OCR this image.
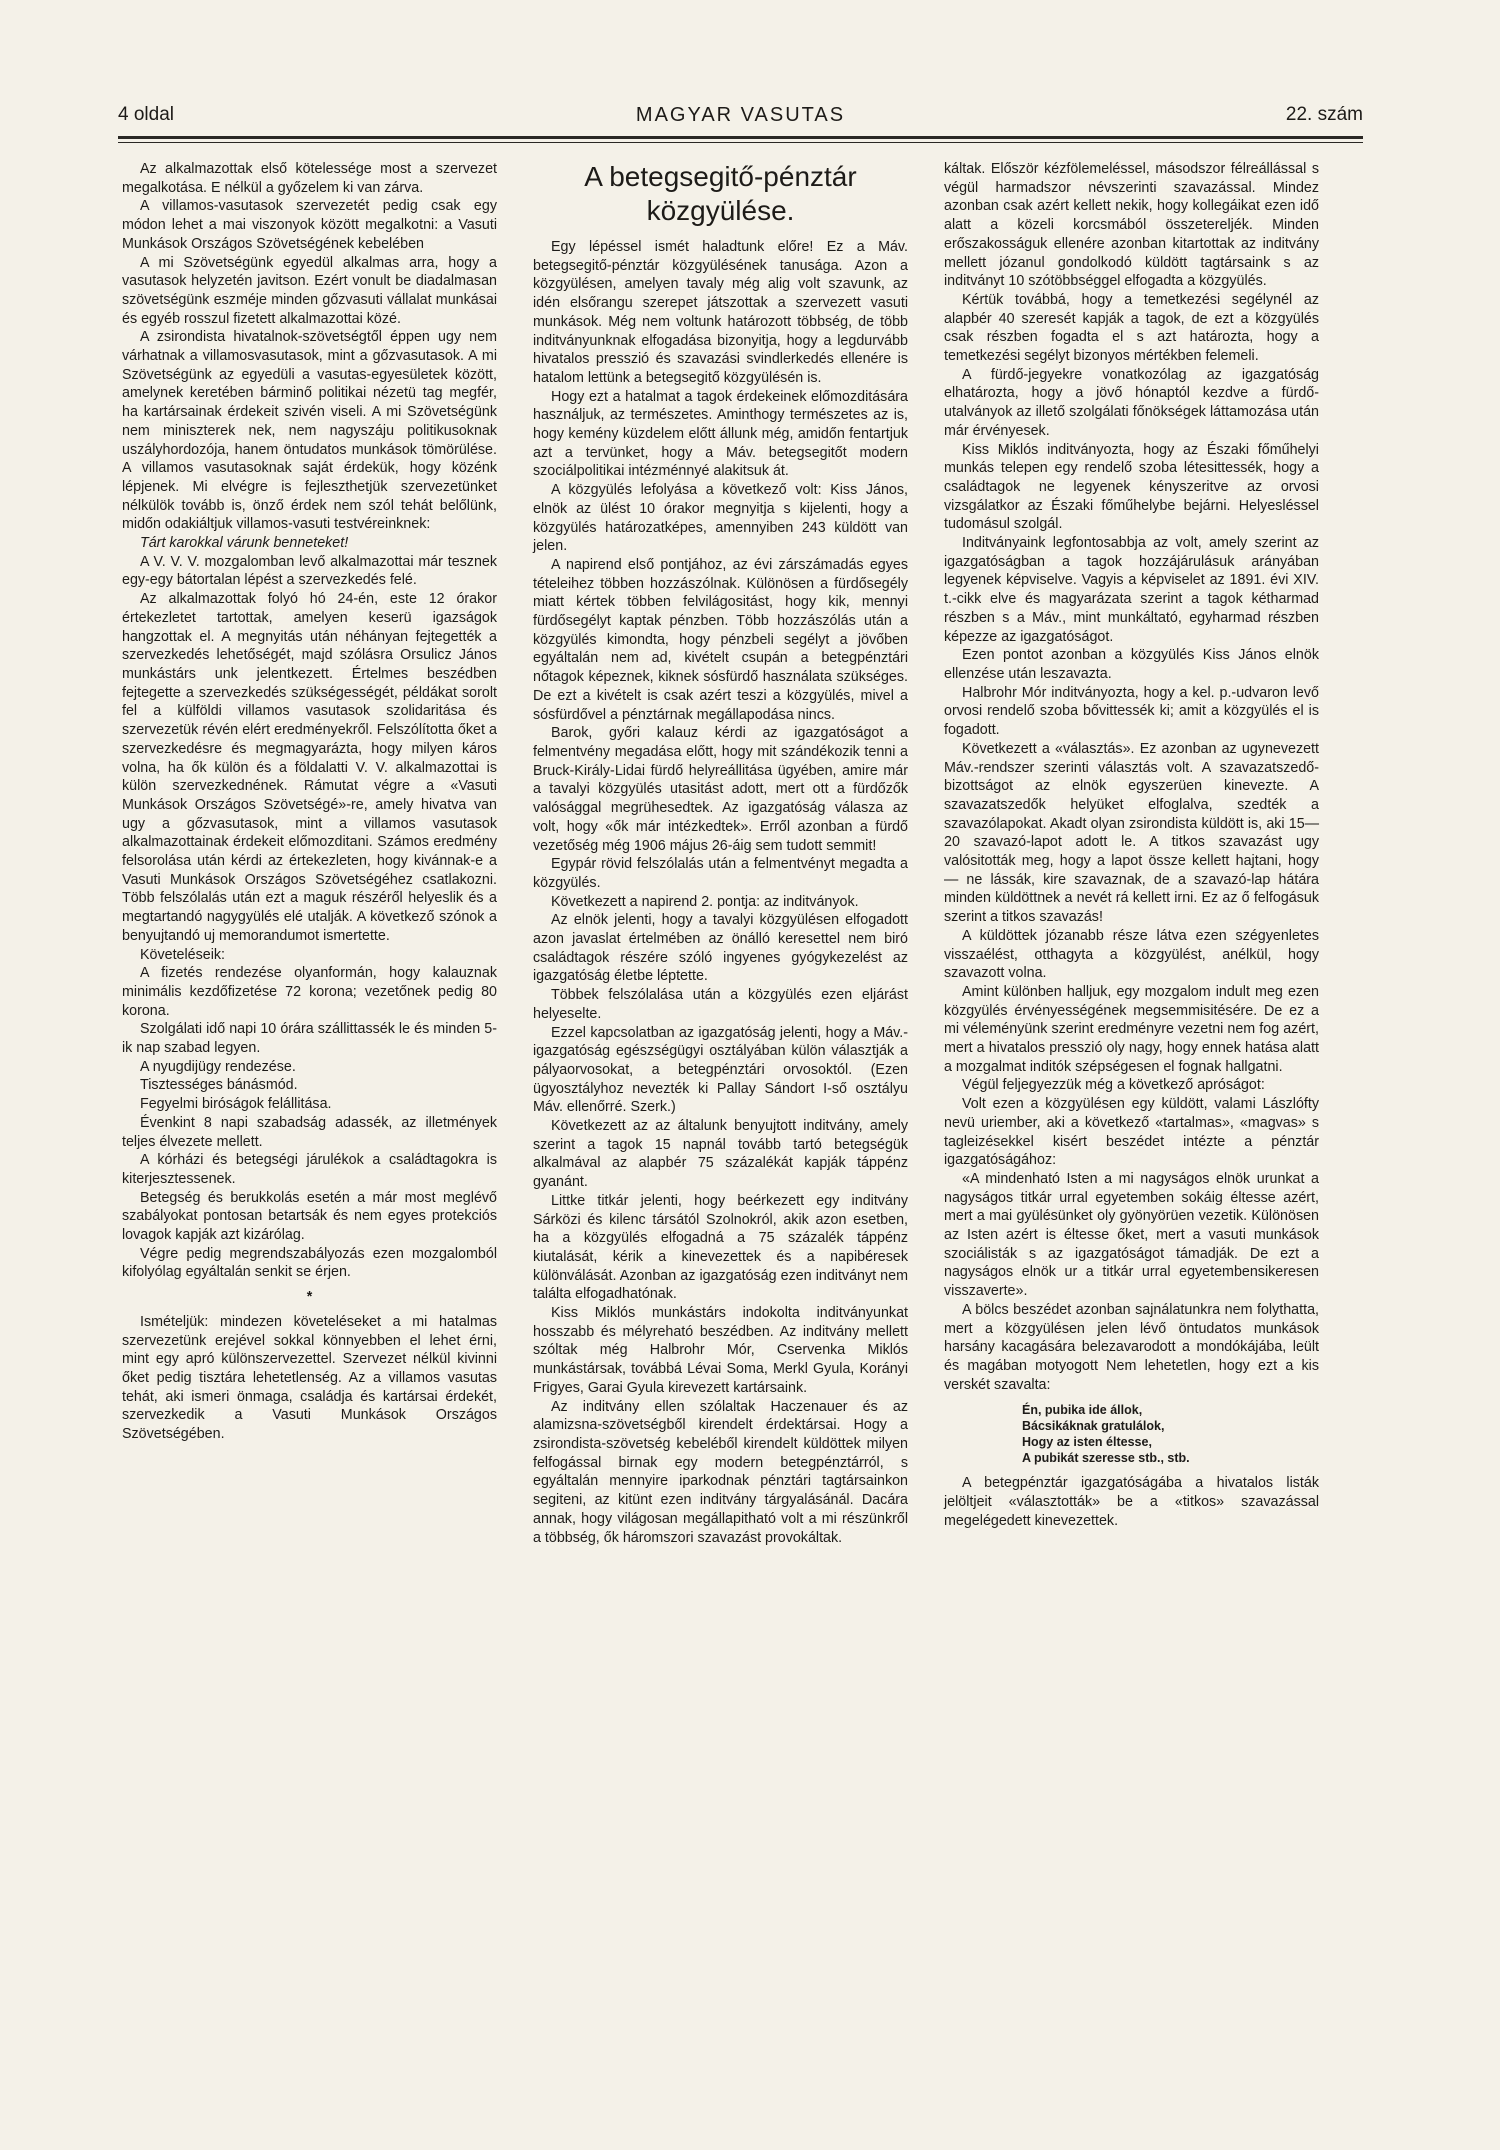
4 oldal	MAGYAR VASUTAS	22. szám

Az alkalmazottak első kötelessége most a szervezet megalkotása. E nélkül a győzelem ki van zárva.

A villamos-vasutasok szervezetét pedig csak egy módon lehet a mai viszonyok között megalkotni: a Vasuti Munkások Országos Szövetségének kebelében

A mi Szövetségünk egyedül alkalmas arra, hogy a vasutasok helyzetén javitson. Ezért vonult be diadalmasan szövetségünk eszméje minden gőzvasuti vállalat munkásai és egyéb rosszul fizetett alkalmazottai közé.

A zsirondista hivatalnok-szövetségtől éppen ugy nem várhatnak a villamosvasutasok, mint a gőzvasutasok. A mi Szövetségünk az egyedüli a vasutas-egyesületek között, amelynek keretében bárminő politikai nézetü tag megfér, ha kartársainak érdekeit szivén viseli. A mi Szövetségünk nem miniszterek nek, nem nagyszáju politikusoknak uszályhordozója, hanem öntudatos munkások tömörülése. A villamos vasutasoknak saját érdekük, hogy közénk lépjenek. Mi elvégre is fejleszthetjük szervezetünket nélkülök tovább is, önző érdek nem szól tehát belőlünk, midőn odakiáltjuk villamos-vasuti testvéreinknek:

Tárt karokkal várunk benneteket!

A V. V. V. mozgalomban levő alkalmazottai már tesznek egy-egy bátortalan lépést a szervezkedés felé.

Az alkalmazottak folyó hó 24-én, este 12 órakor értekezletet tartottak, amelyen keserü igazságok hangzottak el. A megnyitás után néhányan fejtegették a szervezkedés lehetőségét, majd szólásra Orsulicz János munkástárs unk jelentkezett. Értelmes beszédben fejtegette a szervezkedés szükségességét, példákat sorolt fel a külföldi villamos vasutasok szolidaritása és szervezetük révén elért eredményekről. Felszólította őket a szervezkedésre és megmagyarázta, hogy milyen káros volna, ha ők külön és a földalatti V. V. alkalmazottai is külön szervezkednének. Rámutat végre a «Vasuti Munkások Országos Szövetségé»-re, amely hivatva van ugy a gőzvasutasok, mint a villamos vasutasok alkalmazottainak érdekeit előmozditani. Számos eredmény felsorolása után kérdi az értekezleten, hogy kivánnak-e a Vasuti Munkások Országos Szövetségéhez csatlakozni. Több felszólalás után ezt a maguk részéről helyeslik és a megtartandó nagygyülés elé utalják. A következő szónok a benyujtandó uj memorandumot ismertette.

Követeléseik:

A fizetés rendezése olyanformán, hogy kalauznak minimális kezdőfizetése 72 korona; vezetőnek pedig 80 korona.

Szolgálati idő napi 10 órára szállittassék le és minden 5-ik nap szabad legyen.

A nyugdijügy rendezése.

Tisztességes bánásmód.

Fegyelmi biróságok felállitása.

Évenkint 8 napi szabadság adassék, az illetmények teljes élvezete mellett.

A kórházi és betegségi járulékok a családtagokra is kiterjesztessenek.

Betegség és berukkolás esetén a már most meglévő szabályokat pontosan betartsák és nem egyes protekciós lovagok kapják azt kizárólag.

Végre pedig megrendszabályozás ezen mozgalomból kifolyólag egyáltalán senkit se érjen.

*

Ismételjük: mindezen követeléseket a mi hatalmas szervezetünk erejével sokkal könnyebben el lehet érni, mint egy apró különszervezettel. Szervezet nélkül kivinni őket pedig tisztára lehetetlenség. Az a villamos vasutas tehát, aki ismeri önmaga, családja és kartársai érdekét, szervezkedik a Vasuti Munkások Országos Szövetségében.

A betegsegitő-pénztár közgyülése.

Egy lépéssel ismét haladtunk előre! Ez a Máv. betegsegitő-pénztár közgyülésének tanusága. Azon a közgyülésen, amelyen tavaly még alig volt szavunk, az idén elsőrangu szerepet játszottak a szervezett vasuti munkások. Még nem voltunk határozott többség, de több inditványunknak elfogadása bizonyitja, hogy a legdurvább hivatalos presszió és szavazási svindlerkedés ellenére is hatalom lettünk a betegsegitő közgyülésén is.

Hogy ezt a hatalmat a tagok érdekeinek előmozditására használjuk, az természetes. Aminthogy természetes az is, hogy kemény küzdelem előtt állunk még, amidőn fentartjuk azt a tervünket, hogy a Máv. betegsegitőt modern szociálpolitikai intézménnyé alakitsuk át.

A közgyülés lefolyása a következő volt: Kiss János, elnök az ülést 10 órakor megnyitja s kijelenti, hogy a közgyülés határozatképes, amennyiben 243 küldött van jelen.

A napirend első pontjához, az évi zárszámadás egyes tételeihez többen hozzászólnak. Különösen a fürdősegély miatt kértek többen felvilágositást, hogy kik, mennyi fürdősegélyt kaptak pénzben. Több hozzászólás után a közgyülés kimondta, hogy pénzbeli segélyt a jövőben egyáltalán nem ad, kivételt csupán a betegpénztári nőtagok képeznek, kiknek sósfürdő használata szükséges. De ezt a kivételt is csak azért teszi a közgyülés, mivel a sósfürdővel a pénztárnak megállapodása nincs.

Barok, győri kalauz kérdi az igazgatóságot a felmentvény megadása előtt, hogy mit szándékozik tenni a Bruck-Király-Lidai fürdő helyreállitása ügyében, amire már a tavalyi közgyülés utasitást adott, mert ott a fürdőzők valósággal megrühesedtek. Az igazgatóság válasza az volt, hogy «ők már intézkedtek». Erről azonban a fürdő vezetőség még 1906 május 26-áig sem tudott semmit!

Egypár rövid felszólalás után a felmentvényt megadta a közgyülés.

Következett a napirend 2. pontja: az inditványok.

Az elnök jelenti, hogy a tavalyi közgyülésen elfogadott azon javaslat értelmében az önálló keresettel nem biró családtagok részére szóló ingyenes gyógykezelést az igazgatóság életbe léptette.

Többek felszólalása után a közgyülés ezen eljárást helyeselte.

Ezzel kapcsolatban az igazgatóság jelenti, hogy a Máv.-igazgatóság egészségügyi osztályában külön választják a pályaorvosokat, a betegpénztári orvosoktól. (Ezen ügyosztályhoz nevezték ki Pallay Sándort I-ső osztályu Máv. ellenőrré. Szerk.)

Következett az az általunk benyujtott inditvány, amely szerint a tagok 15 napnál tovább tartó betegségük alkalmával az alapbér 75 százalékát kapják táppénz gyanánt.

Littke titkár jelenti, hogy beérkezett egy inditvány Sárközi és kilenc társától Szolnokról, akik azon esetben, ha a közgyülés elfogadná a 75 százalék táppénz kiutalását, kérik a kinevezettek és a napibéresek különválását. Azonban az igazgatóság ezen inditványt nem találta elfogadhatónak.

Kiss Miklós munkástárs indokolta inditványunkat hosszabb és mélyreható beszédben. Az inditvány mellett szóltak még Halbrohr Mór, Cservenka Miklós munkástársak, továbbá Lévai Soma, Merkl Gyula, Korányi Frigyes, Garai Gyula kirevezett kartársaink.

Az inditvány ellen szólaltak Haczenauer és az alamizsna-szövetségből kirendelt érdektársai. Hogy a zsirondista-szövetség kebeléből kirendelt küldöttek milyen felfogással birnak egy modern betegpénztárról, s egyáltalán mennyire iparkodnak pénztári tagtársainkon segiteni, az kitünt ezen inditvány tárgyalásánál. Dacára annak, hogy világosan megállapitható volt a mi részünkről a többség, ők háromszori szavazást provokáltak.

káltak. Először kézfölemeléssel, másodszor félreállással s végül harmadszor névszerinti szavazással. Mindez azonban csak azért kellett nekik, hogy kollegáikat ezen idő alatt a közeli korcsmából összetereljék. Minden erőszakosságuk ellenére azonban kitartottak az inditvány mellett józanul gondolkodó küldött tagtársaink s az inditványt 10 szótöbbséggel elfogadta a közgyülés.

Kértük továbbá, hogy a temetkezési segélynél az alapbér 40 szeresét kapják a tagok, de ezt a közgyülés csak részben fogadta el s azt határozta, hogy a temetkezési segélyt bizonyos mértékben felemeli.

A fürdő-jegyekre vonatkozólag az igazgatóság elhatározta, hogy a jövő hónaptól kezdve a fürdő-utalványok az illető szolgálati főnökségek láttamozása után már érvényesek.

Kiss Miklós inditványozta, hogy az Északi főműhelyi munkás telepen egy rendelő szoba létesittessék, hogy a családtagok ne legyenek kényszeritve az orvosi vizsgálatkor az Északi főműhelybe bejárni. Helyesléssel tudomásul szolgál.

Inditványaink legfontosabbja az volt, amely szerint az igazgatóságban a tagok hozzájárulásuk arányában legyenek képviselve. Vagyis a képviselet az 1891. évi XIV. t.-cikk elve és magyarázata szerint a tagok kétharmad részben s a Máv., mint munkáltató, egyharmad részben képezze az igazgatóságot.

Ezen pontot azonban a közgyülés Kiss János elnök ellenzése után leszavazta.

Halbrohr Mór inditványozta, hogy a kel. p.-udvaron levő orvosi rendelő szoba bővittessék ki; amit a közgyülés el is fogadott.

Következett a «választás». Ez azonban az ugynevezett Máv.-rendszer szerinti választás volt. A szavazatszedő-bizottságot az elnök egyszerüen kinevezte. A szavazatszedők helyüket elfoglalva, szedték a szavazólapokat. Akadt olyan zsirondista küldött is, aki 15—20 szavazó-lapot adott le. A titkos szavazást ugy valósitották meg, hogy a lapot össze kellett hajtani, hogy — ne lássák, kire szavaznak, de a szavazó-lap hátára minden küldöttnek a nevét rá kellett irni. Ez az ő felfogásuk szerint a titkos szavazás!

A küldöttek józanabb része látva ezen szégyenletes visszaélést, otthagyta a közgyülést, anélkül, hogy szavazott volna.

Amint különben halljuk, egy mozgalom indult meg ezen közgyülés érvényességének megsemmisitésére. De ez a mi véleményünk szerint eredményre vezetni nem fog azért, mert a hivatalos presszió oly nagy, hogy ennek hatása alatt a mozgalmat inditók szépségesen el fognak hallgatni.

Végül feljegyezzük még a következő apróságot:

Volt ezen a közgyülésen egy küldött, valami Lászlófty nevü uriember, aki a következő «tartalmas», «magvas» s tagleizésekkel kisért beszédet intézte a pénztár igazgatóságához:

«A mindenható Isten a mi nagyságos elnök urunkat a nagyságos titkár urral egyetemben sokáig éltesse azért, mert a mai gyülésünket oly gyönyörüen vezetik. Különösen az Isten azért is éltesse őket, mert a vasuti munkások szociálisták s az igazgatóságot támadják. De ezt a nagyságos elnök ur a titkár urral egyetembensikeresen visszaverte».

A bölcs beszédet azonban sajnálatunkra nem folythatta, mert a közgyülésen jelen lévő öntudatos munkások harsány kacagására belezavarodott a mondókájába, leült és magában motyogott Nem lehetetlen, hogy ezt a kis verskét szavalta:

Én, pubika ide állok,
Bácsikáknak gratulálok,
Hogy az isten éltesse,
A pubikát szeresse stb., stb.

A betegpénztár igazgatóságába a hivatalos listák jelöltjeit «választották» be a «titkos» szavazással megelégedett kinevezettek.
